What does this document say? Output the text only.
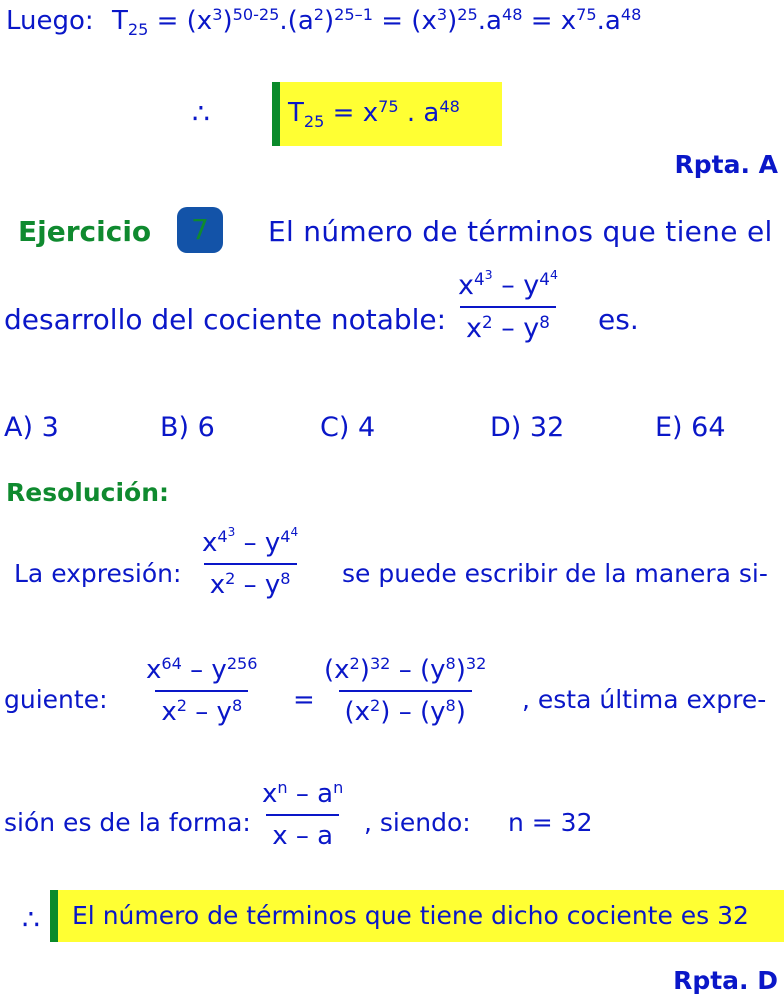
Luego: $T_{25} = (x^3)^{50-25}.(a^2)^{25-1} = (x^3)^{25}.a^{48} = x^{75}.a^{48}$
∴	$T_{25} = x^{75}$ . $a^{48}$
Rpta. A
Ejercicio	7	El número de términos que tiene el
desarrollo del cociente notable: $\frac{x^{4^3} - y^{4^4}}{x^2 - y^8}$ es.
A) 3	B) 6	C) 4	D) 32	E) 64
Resolución:
La expresión: $\frac{x^{4^3} - y^{4^4}}{x^2 - y^8}$ se puede escribir de la manera si-
guiente: $\frac{x^{64} - y^{256}}{x^2 - y^8} = \frac{(x^2)^{32} - (y^8)^{32}}{(x^2) - (y^8)}$ , esta última expre-
sión es de la forma: $\frac{x^n - a^n}{x - a}$ , siendo: n = 32
∴ El número de términos que tiene dicho cociente es 32
Rpta. D
